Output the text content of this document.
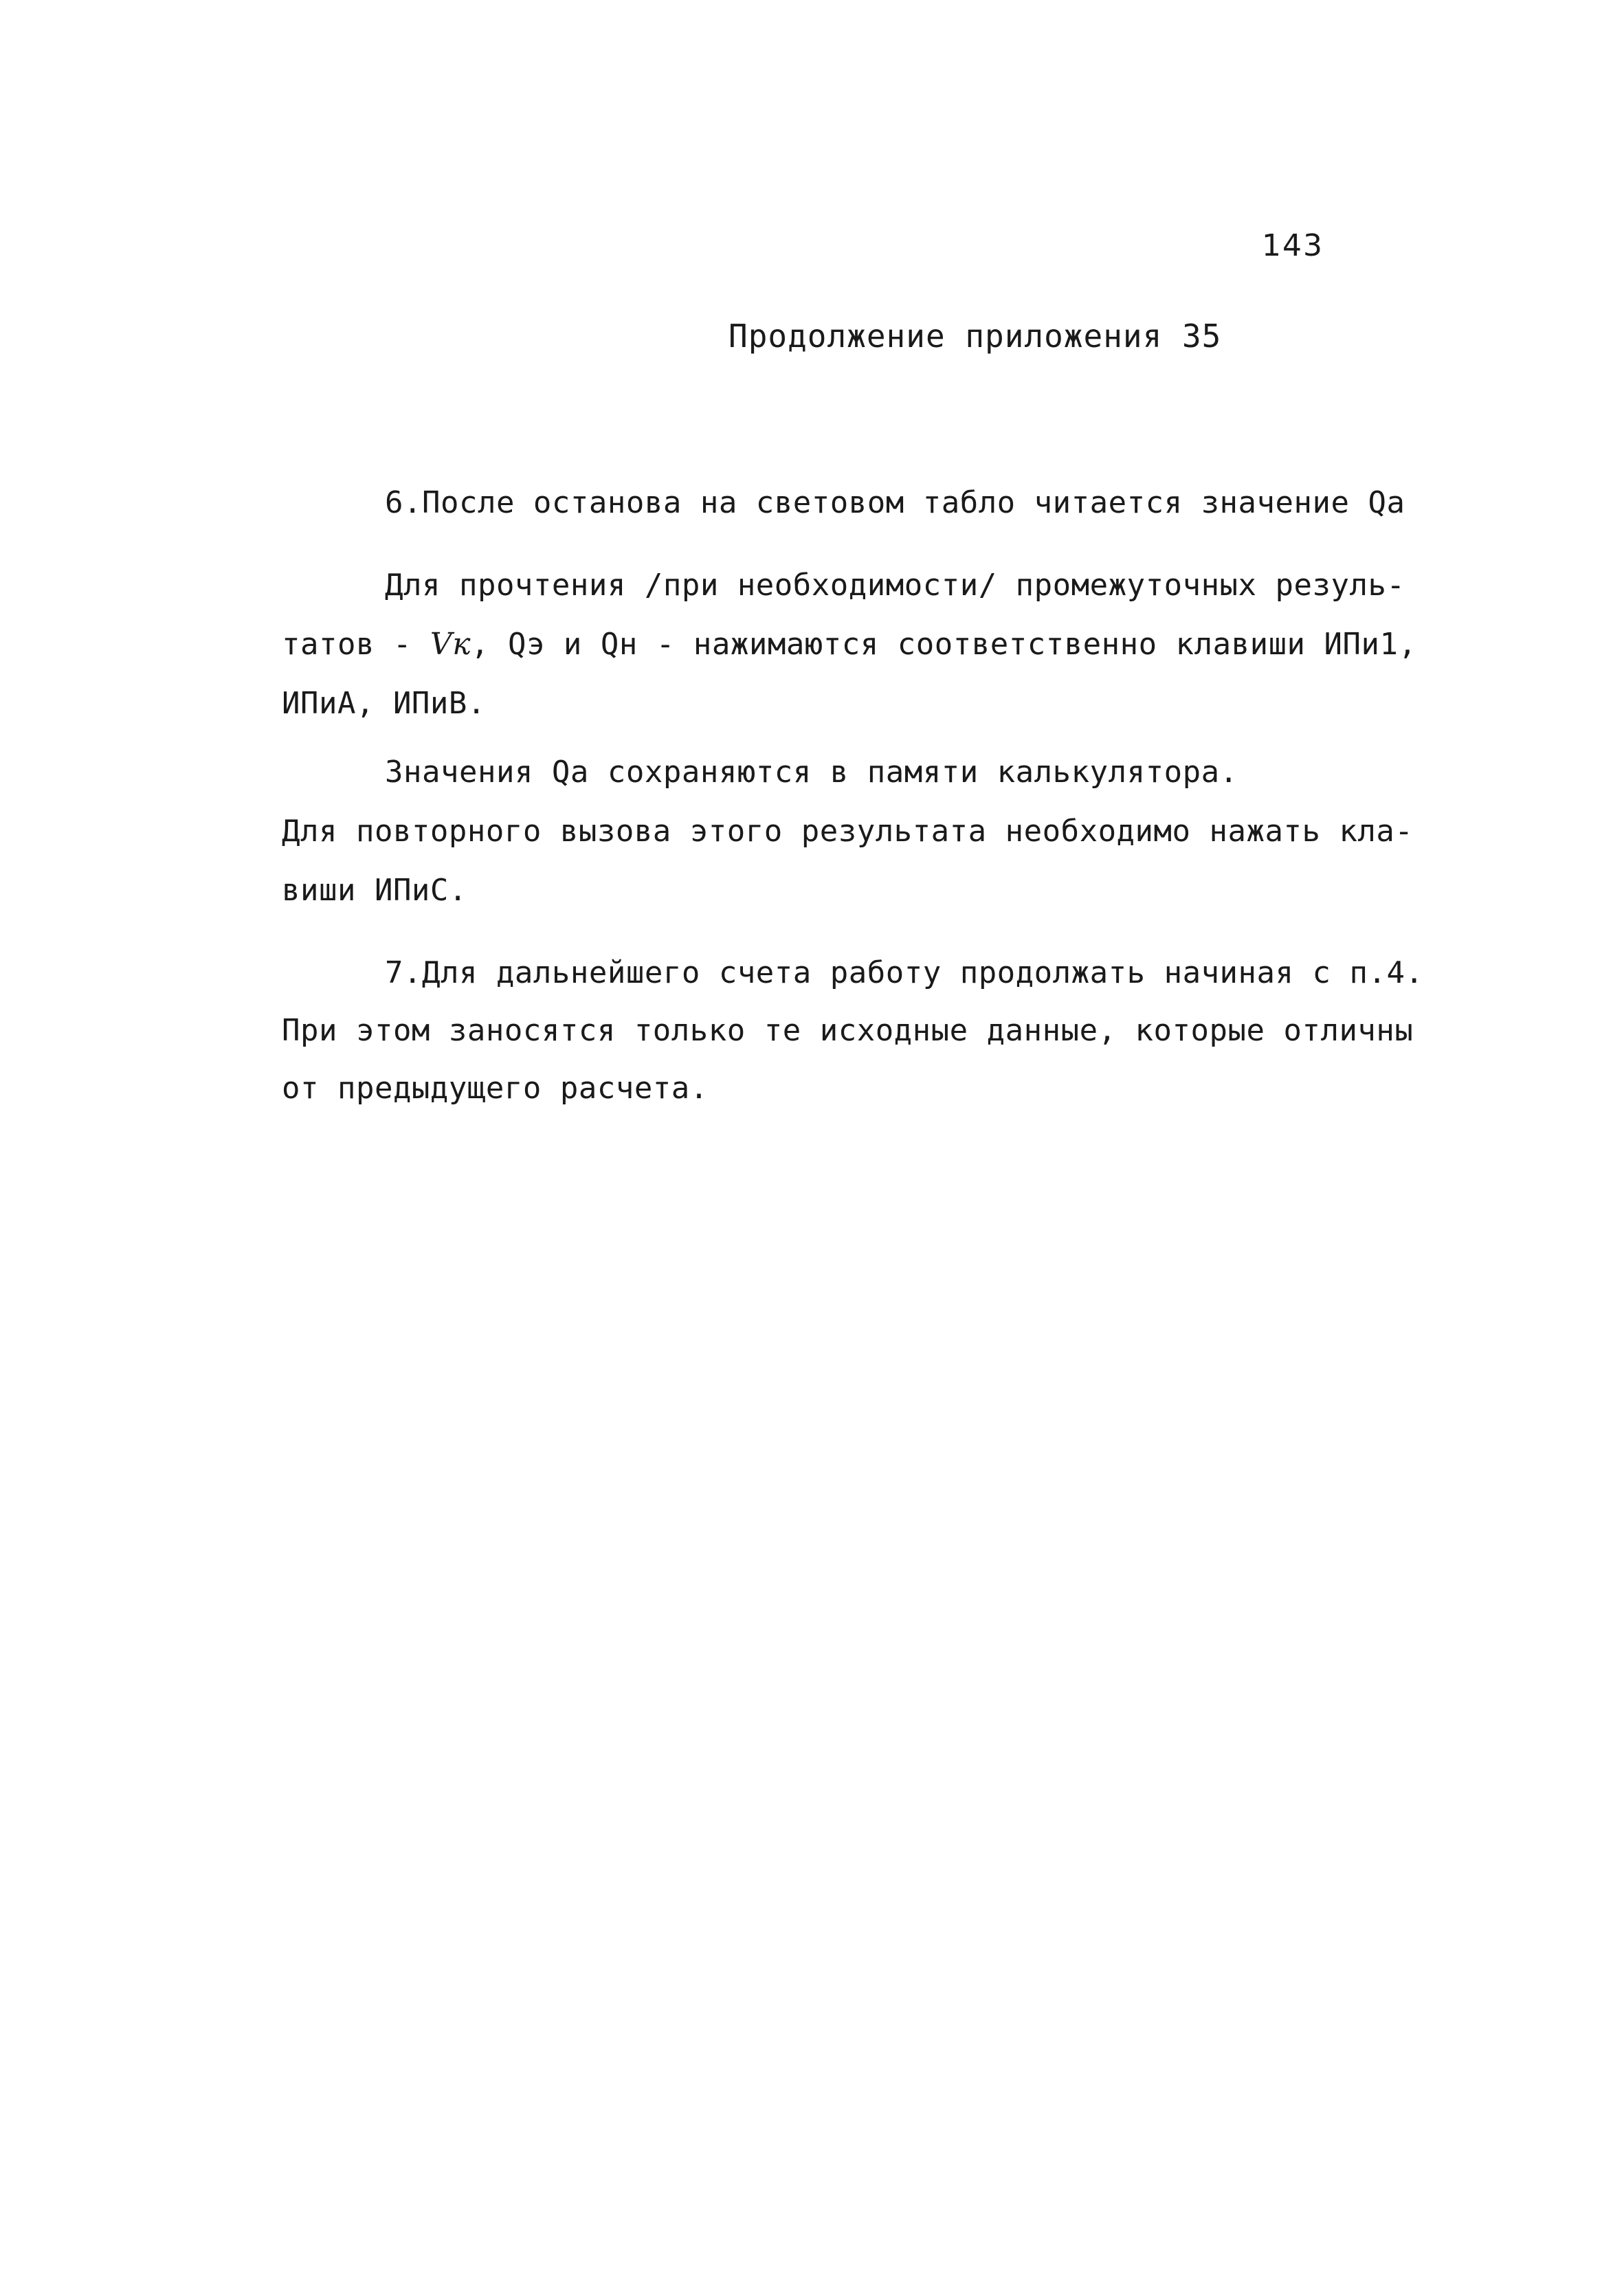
143
Продолжение приложения 35
6.После останова на световом табло читается значение Qа
Для прочтения /при необходимости/ промежуточных резуль-
татов - Vк, Qэ и Qн - нажимаются соответственно клавиши ИПи1,
ИПиА, ИПиВ.
Значения Qа сохраняются в памяти калькулятора.
Для повторного вызова этого результата необходимо нажать кла-
виши ИПиС.
7.Для дальнейшего счета работу продолжать начиная с п.4.
При этом заносятся только те исходные данные, которые отличны
от предыдущего расчета.
